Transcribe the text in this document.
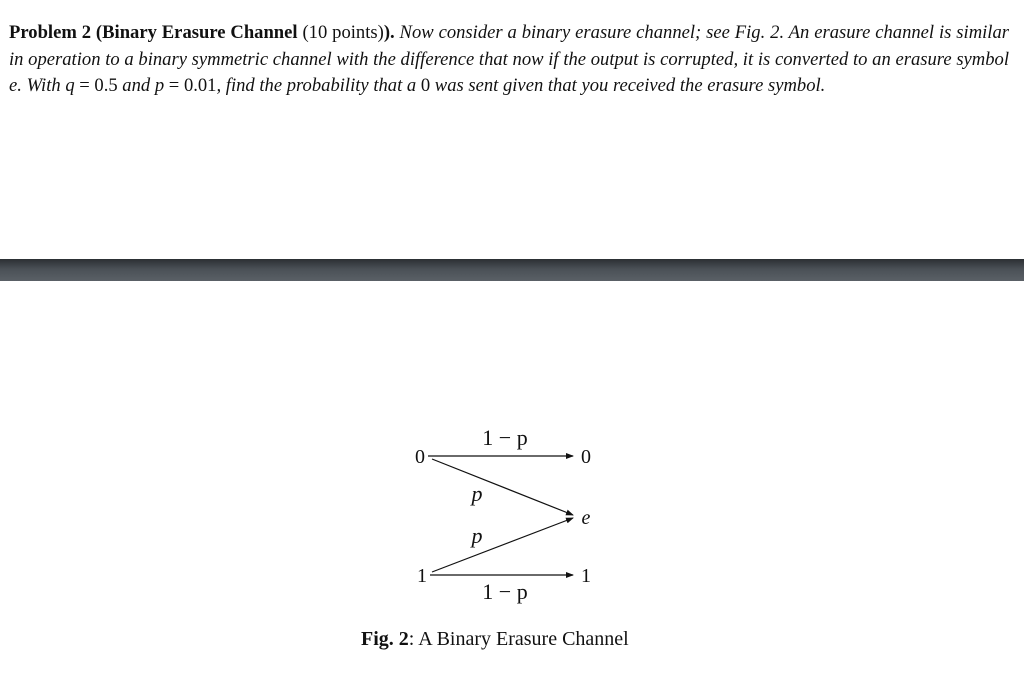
Problem 2 (Binary Erasure Channel (10 points)). Now consider a binary erasure channel; see Fig. 2. An erasure channel is similar in operation to a binary symmetric channel with the difference that now if the output is corrupted, it is converted to an erasure symbol e. With q = 0.5 and p = 0.01, find the probability that a 0 was sent given that you received the erasure symbol.
0
1
0
e
1
1 − p
p
p
1 − p
Fig. 2: A Binary Erasure Channel
